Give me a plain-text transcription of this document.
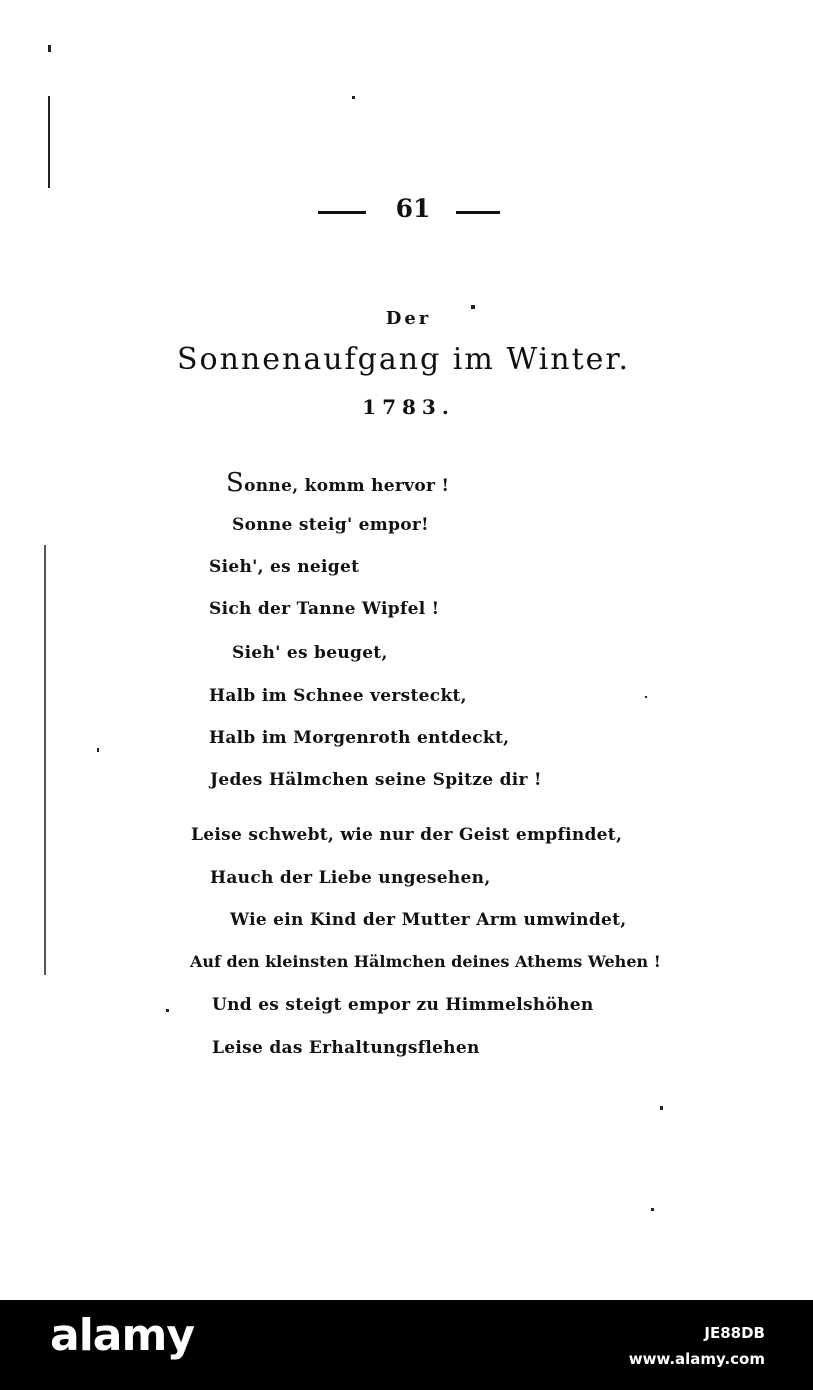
61
Der
Sonnenaufgang im Winter.
1783.
Sonne, komm hervor !
Sonne steig' empor!
Sieh', es neiget
Sich der Tanne Wipfel !
Sieh' es beuget,
Halb im Schnee versteckt,
Halb im Morgenroth entdeckt,
Jedes Hälmchen seine Spitze dir !
Leise schwebt, wie nur der Geist empfindet,
Hauch der Liebe ungesehen,
Wie ein Kind der Mutter Arm umwindet,
Auf den kleinsten Hälmchen deines Athems Wehen !
Und es steigt empor zu Himmelshöhen
Leise das Erhaltungsflehen
alamy	JE88DB
www.alamy.com
